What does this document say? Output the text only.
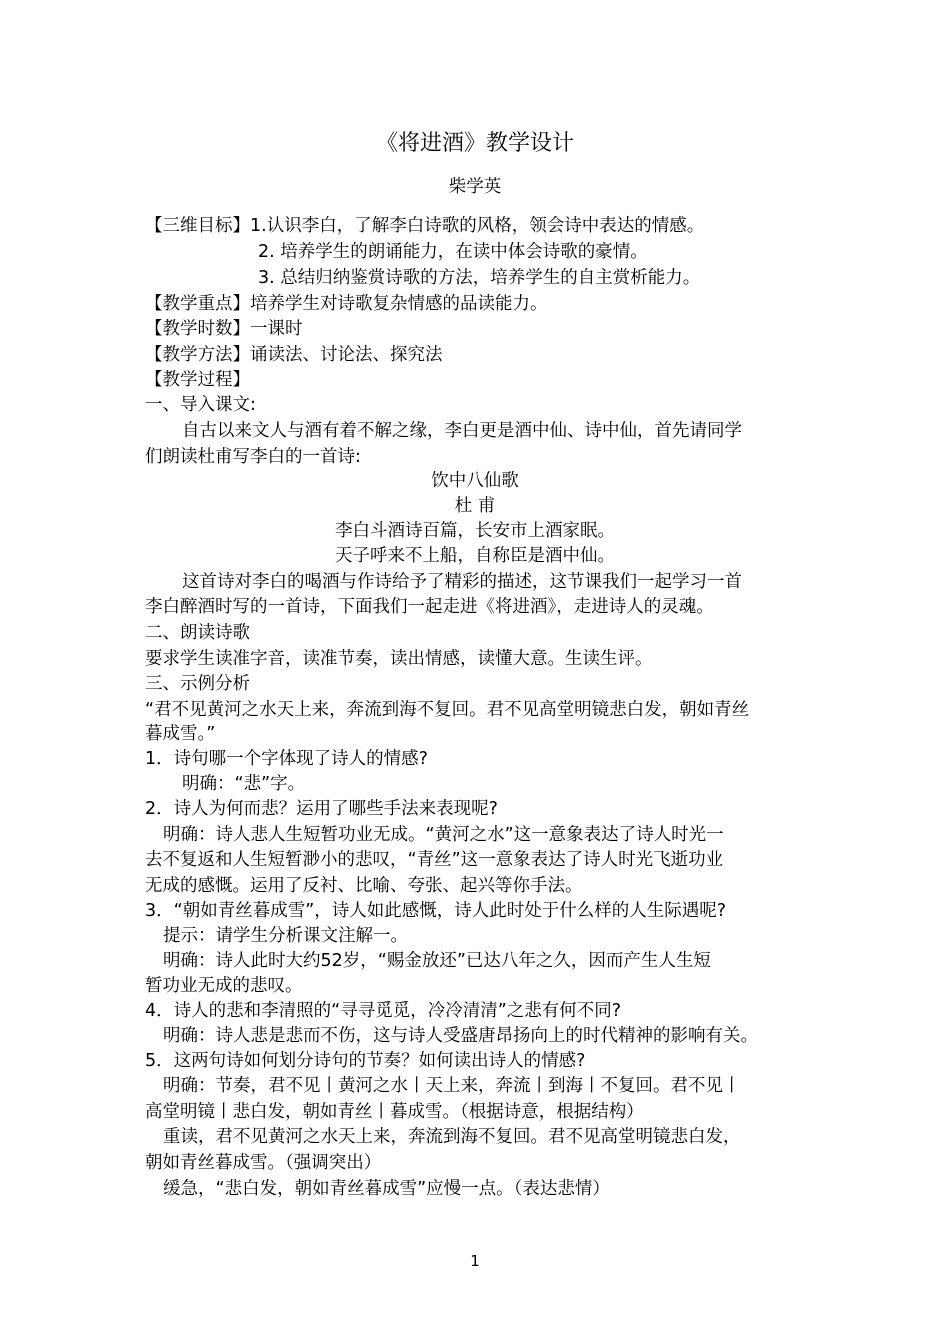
《将进酒》教学设计
柴学英
【三维目标】1.认识李白，了解李白诗歌的风格，领会诗中表达的情感。
2. 培养学生的朗诵能力，在读中体会诗歌的豪情。
3. 总结归纳鉴赏诗歌的方法，培养学生的自主赏析能力。
【教学重点】培养学生对诗歌复杂情感的品读能力。
【教学时数】一课时
【教学方法】诵读法、讨论法、探究法
【教学过程】
一、导入课文:
自古以来文人与酒有着不解之缘，李白更是酒中仙、诗中仙，首先请同学
们朗读杜甫写李白的一首诗:
饮中八仙歌
杜 甫
李白斗酒诗百篇，长安市上酒家眠。
天子呼来不上船，自称臣是酒中仙。
这首诗对李白的喝酒与作诗给予了精彩的描述，这节课我们一起学习一首
李白醉酒时写的一首诗，下面我们一起走进《将进酒》，走进诗人的灵魂。
二、朗读诗歌
要求学生读准字音，读准节奏，读出情感，读懂大意。生读生评。
三、示例分析
“君不见黄河之水天上来，奔流到海不复回。君不见高堂明镜悲白发，朝如青丝
暮成雪。”
1．诗句哪一个字体现了诗人的情感?
明确：“悲”字。
2．诗人为何而悲？运用了哪些手法来表现呢?
明确：诗人悲人生短暂功业无成。“黄河之水”这一意象表达了诗人时光一
去不复返和人生短暂渺小的悲叹，“青丝”这一意象表达了诗人时光飞逝功业
无成的感慨。运用了反衬、比喻、夸张、起兴等你手法。
3．“朝如青丝暮成雪”，诗人如此感慨，诗人此时处于什么样的人生际遇呢?
提示：请学生分析课文注解一。
明确：诗人此时大约52岁，“赐金放还”已达八年之久，因而产生人生短
暂功业无成的悲叹。
4．诗人的悲和李清照的“寻寻觅觅，冷冷清清”之悲有何不同?
明确：诗人悲是悲而不伤，这与诗人受盛唐昂扬向上的时代精神的影响有关。
5．这两句诗如何划分诗句的节奏？如何读出诗人的情感?
明确：节奏，君不见丨黄河之水丨天上来，奔流丨到海丨不复回。君不见丨
高堂明镜丨悲白发，朝如青丝丨暮成雪。（根据诗意，根据结构）
重读，君不见黄河之水天上来，奔流到海不复回。君不见高堂明镜悲白发，
朝如青丝暮成雪。（强调突出）
缓急，“悲白发，朝如青丝暮成雪”应慢一点。（表达悲情）
1
